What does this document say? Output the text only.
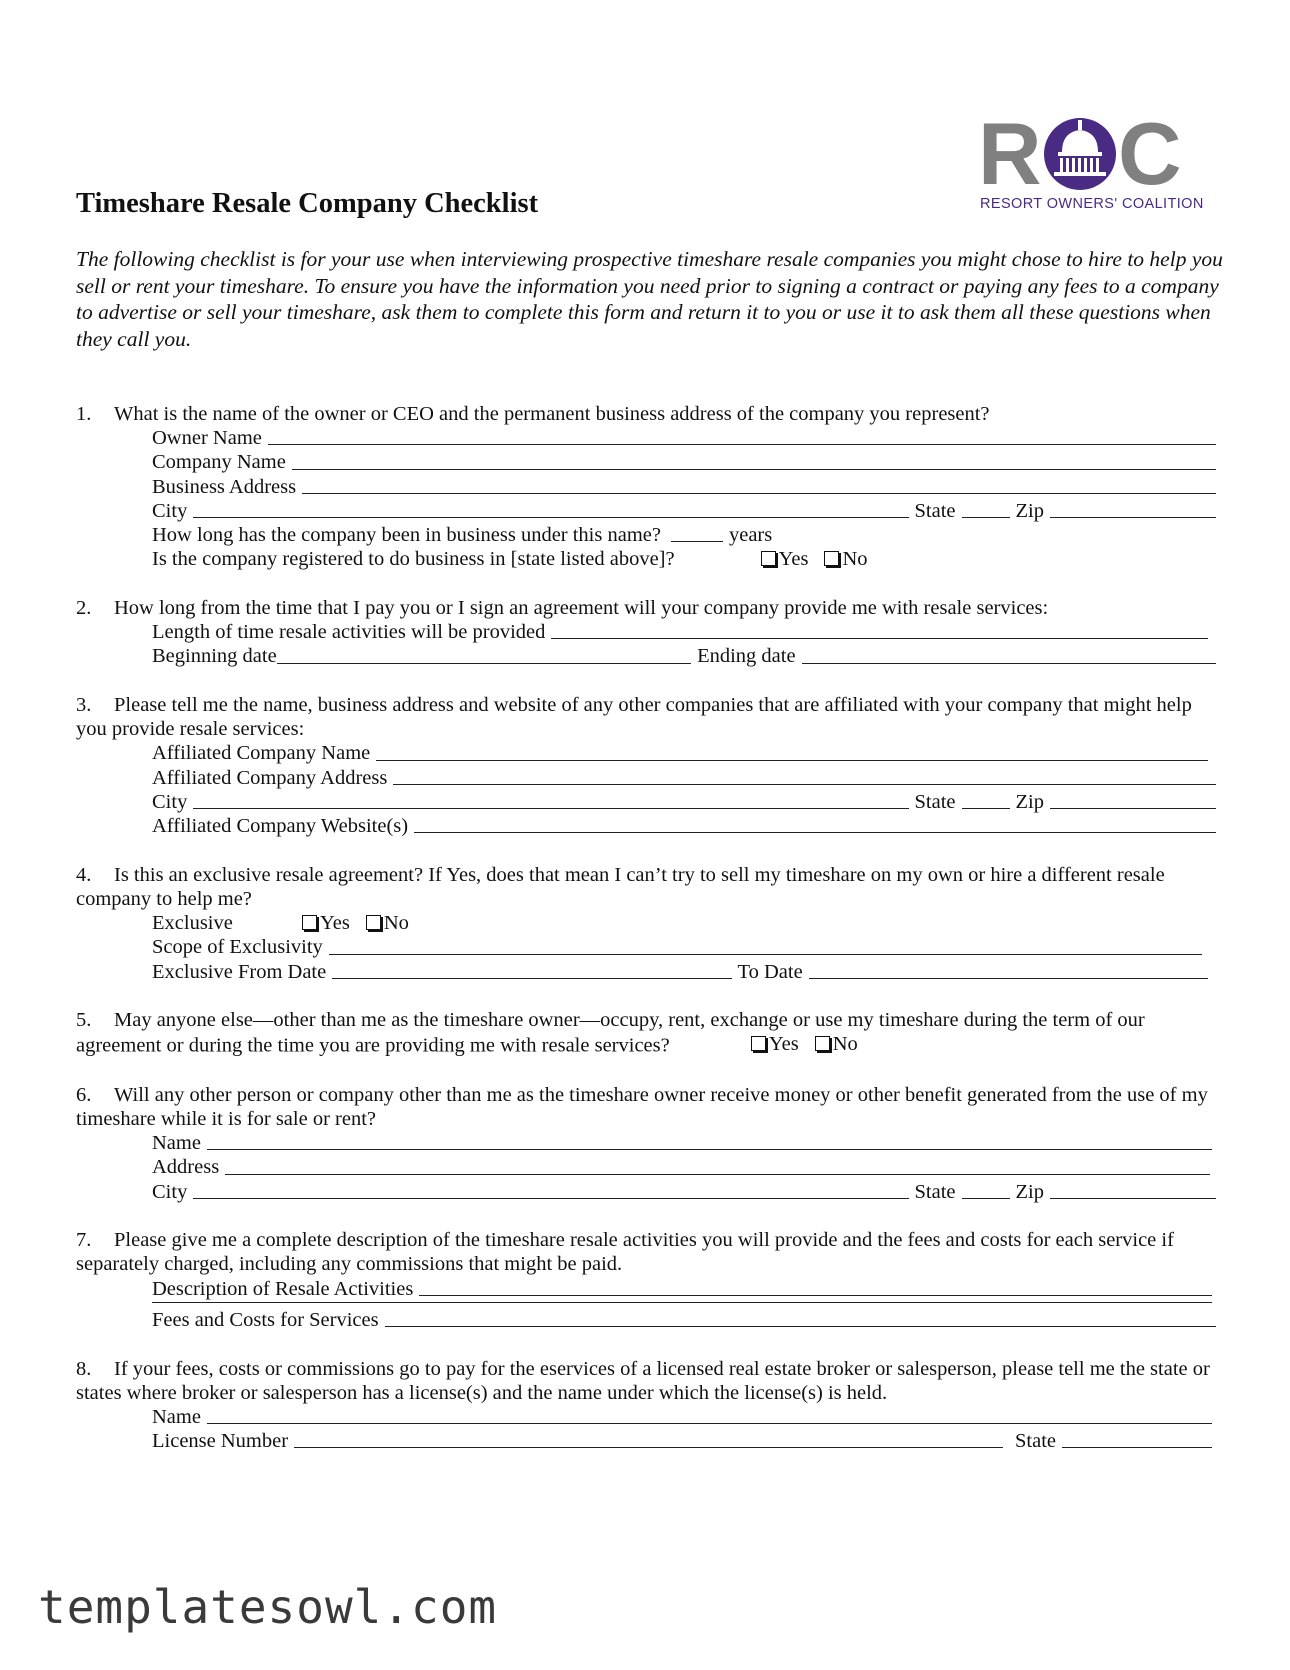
R C
RESORT OWNERS' COALITION
Timeshare Resale Company Checklist

The following checklist is for your use when interviewing prospective timeshare resale companies you might chose to hire to help you sell or rent your timeshare. To ensure you have the information you need prior to signing a contract or paying any fees to a company to advertise or sell your timeshare, ask them to complete this form and return it to you or use it to ask them all these questions when they call you.

1. What is the name of the owner or CEO and the permanent business address of the company you represent?
Owner Name
Company Name
Business Address
City	State	Zip
How long has the company been in business under this name?	years
Is the company registered to do business in [state listed above]?	Yes No
2. How long from the time that I pay you or I sign an agreement will your company provide me with resale services:
Length of time resale activities will be provided
Beginning date	Ending date
3. Please tell me the name, business address and website of any other companies that are affiliated with your company that might help you provide resale services:
Affiliated Company Name
Affiliated Company Address
City	State	Zip
Affiliated Company Website(s)
4. Is this an exclusive resale agreement? If Yes, does that mean I can’t try to sell my timeshare on my own or hire a different resale company to help me?
Exclusive	Yes No
Scope of Exclusivity
Exclusive From Date	To Date
5. May anyone else—other than me as the timeshare owner—occupy, rent, exchange or use my timeshare during the term of our agreement or during the time you are providing me with resale services?	Yes No
6. Will any other person or company other than me as the timeshare owner receive money or other benefit generated from the use of my timeshare while it is for sale or rent?
Name
Address
City	State	Zip
7. Please give me a complete description of the timeshare resale activities you will provide and the fees and costs for each service if separately charged, including any commissions that might be paid.
Description of Resale Activities
Fees and Costs for Services
8. If your fees, costs or commissions go to pay for the eservices of a licensed real estate broker or salesperson, please tell me the state or states where broker or salesperson has a license(s) and the name under which the license(s) is held.
Name
License Number	State
templatesowl.com
